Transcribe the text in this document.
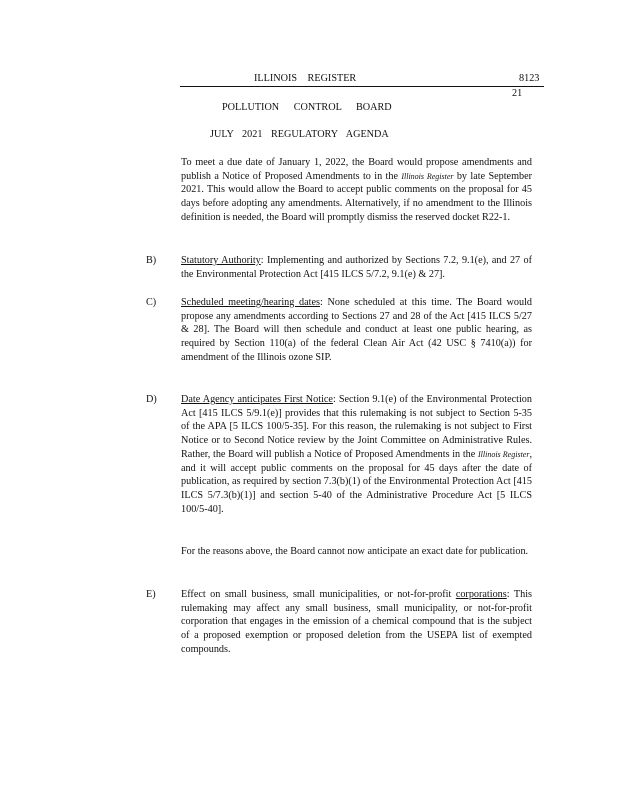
ILLINOIS REGISTER	8123
21
POLLUTION CONTROL BOARD
JULY 2021 REGULATORY AGENDA
To meet a due date of January 1, 2022, the Board would propose amendments and publish a Notice of Proposed Amendments to in the Illinois Register by late September 2021. This would allow the Board to accept public comments on the proposal for 45 days before adopting any amendments. Alternatively, if no amendment to the Illinois definition is needed, the Board will promptly dismiss the reserved docket R22-1.
B) Statutory Authority: Implementing and authorized by Sections 7.2, 9.1(e), and 27 of the Environmental Protection Act [415 ILCS 5/7.2, 9.1(e) & 27].
C) Scheduled meeting/hearing dates: None scheduled at this time. The Board would propose any amendments according to Sections 27 and 28 of the Act [415 ILCS 5/27 & 28]. The Board will then schedule and conduct at least one public hearing, as required by Section 110(a) of the federal Clean Air Act (42 USC § 7410(a)) for amendment of the Illinois ozone SIP.
D) Date Agency anticipates First Notice: Section 9.1(e) of the Environmental Protection Act [415 ILCS 5/9.1(e)] provides that this rulemaking is not subject to Section 5-35 of the APA [5 ILCS 100/5-35]. For this reason, the rulemaking is not subject to First Notice or to Second Notice review by the Joint Committee on Administrative Rules. Rather, the Board will publish a Notice of Proposed Amendments in the Illinois Register, and it will accept public comments on the proposal for 45 days after the date of publication, as required by section 7.3(b)(1) of the Environmental Protection Act [415 ILCS 5/7.3(b)(1)] and section 5-40 of the Administrative Procedure Act [5 ILCS 100/5-40].
For the reasons above, the Board cannot now anticipate an exact date for publication.
E) Effect on small business, small municipalities, or not-for-profit corporations: This rulemaking may affect any small business, small municipality, or not-for-profit corporation that engages in the emission of a chemical compound that is the subject of a proposed exemption or proposed deletion from the USEPA list of exempted compounds.
